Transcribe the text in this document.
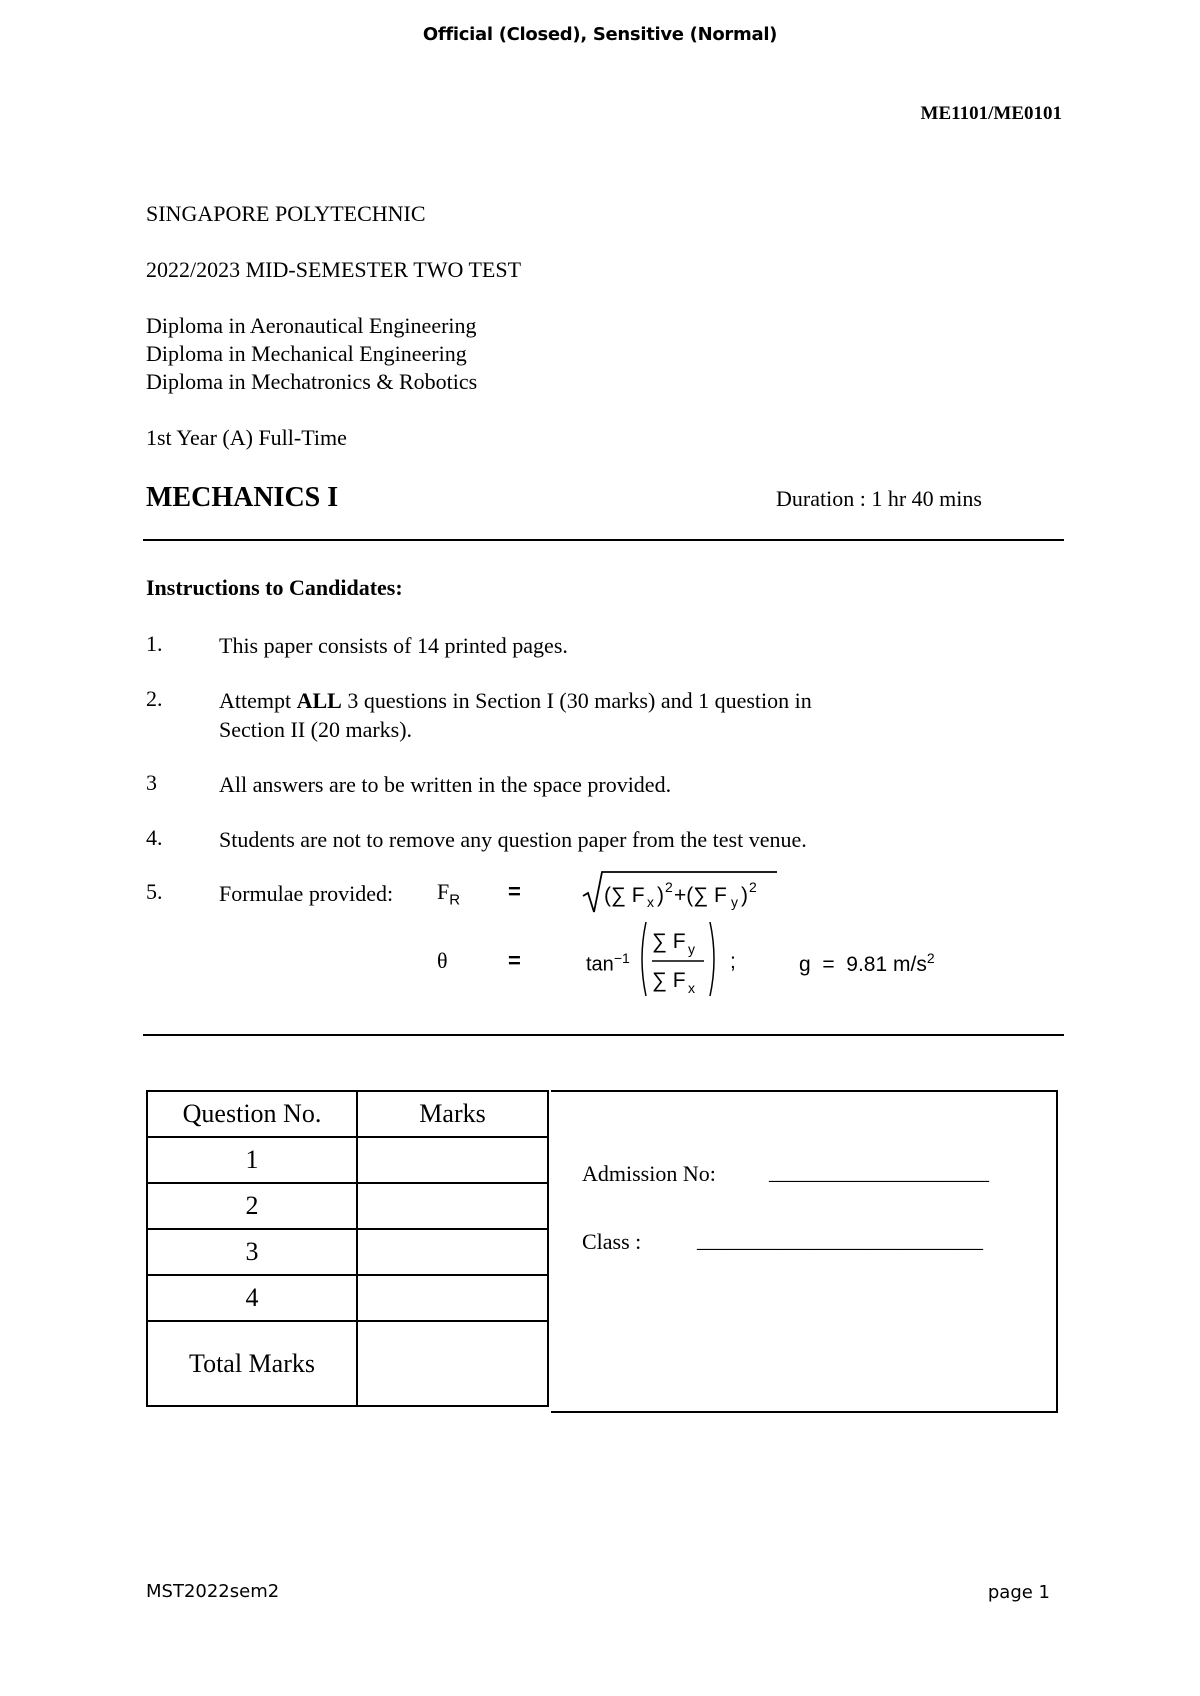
Official (Closed), Sensitive (Normal)
ME1101/ME0101
SINGAPORE POLYTECHNIC
2022/2023 MID-SEMESTER TWO TEST
Diploma in Aeronautical Engineering
Diploma in Mechanical Engineering
Diploma in Mechatronics & Robotics
1st Year (A) Full-Time
MECHANICS I	Duration : 1 hr 40 mins
Instructions to Candidates:
1.	This paper consists of 14 printed pages.
2.	Attempt ALL 3 questions in Section I (30 marks) and 1 question in
Section II (20 marks).
3	All answers are to be written in the space provided.
4.	Students are not to remove any question paper from the test venue.
5.	Formulae provided: $F_R$ =	(∑ F x ) 2 +(∑ F y ) 2
θ	=	$\tan^{-1}$
∑ F y
∑ F x
;	g  =  9.81 $m/s^2$
Question No.	Marks
1	
2	
3	
4	
Total Marks	
Admission No: ____________________
Class :	__________________________
MST2022sem2	page 1
